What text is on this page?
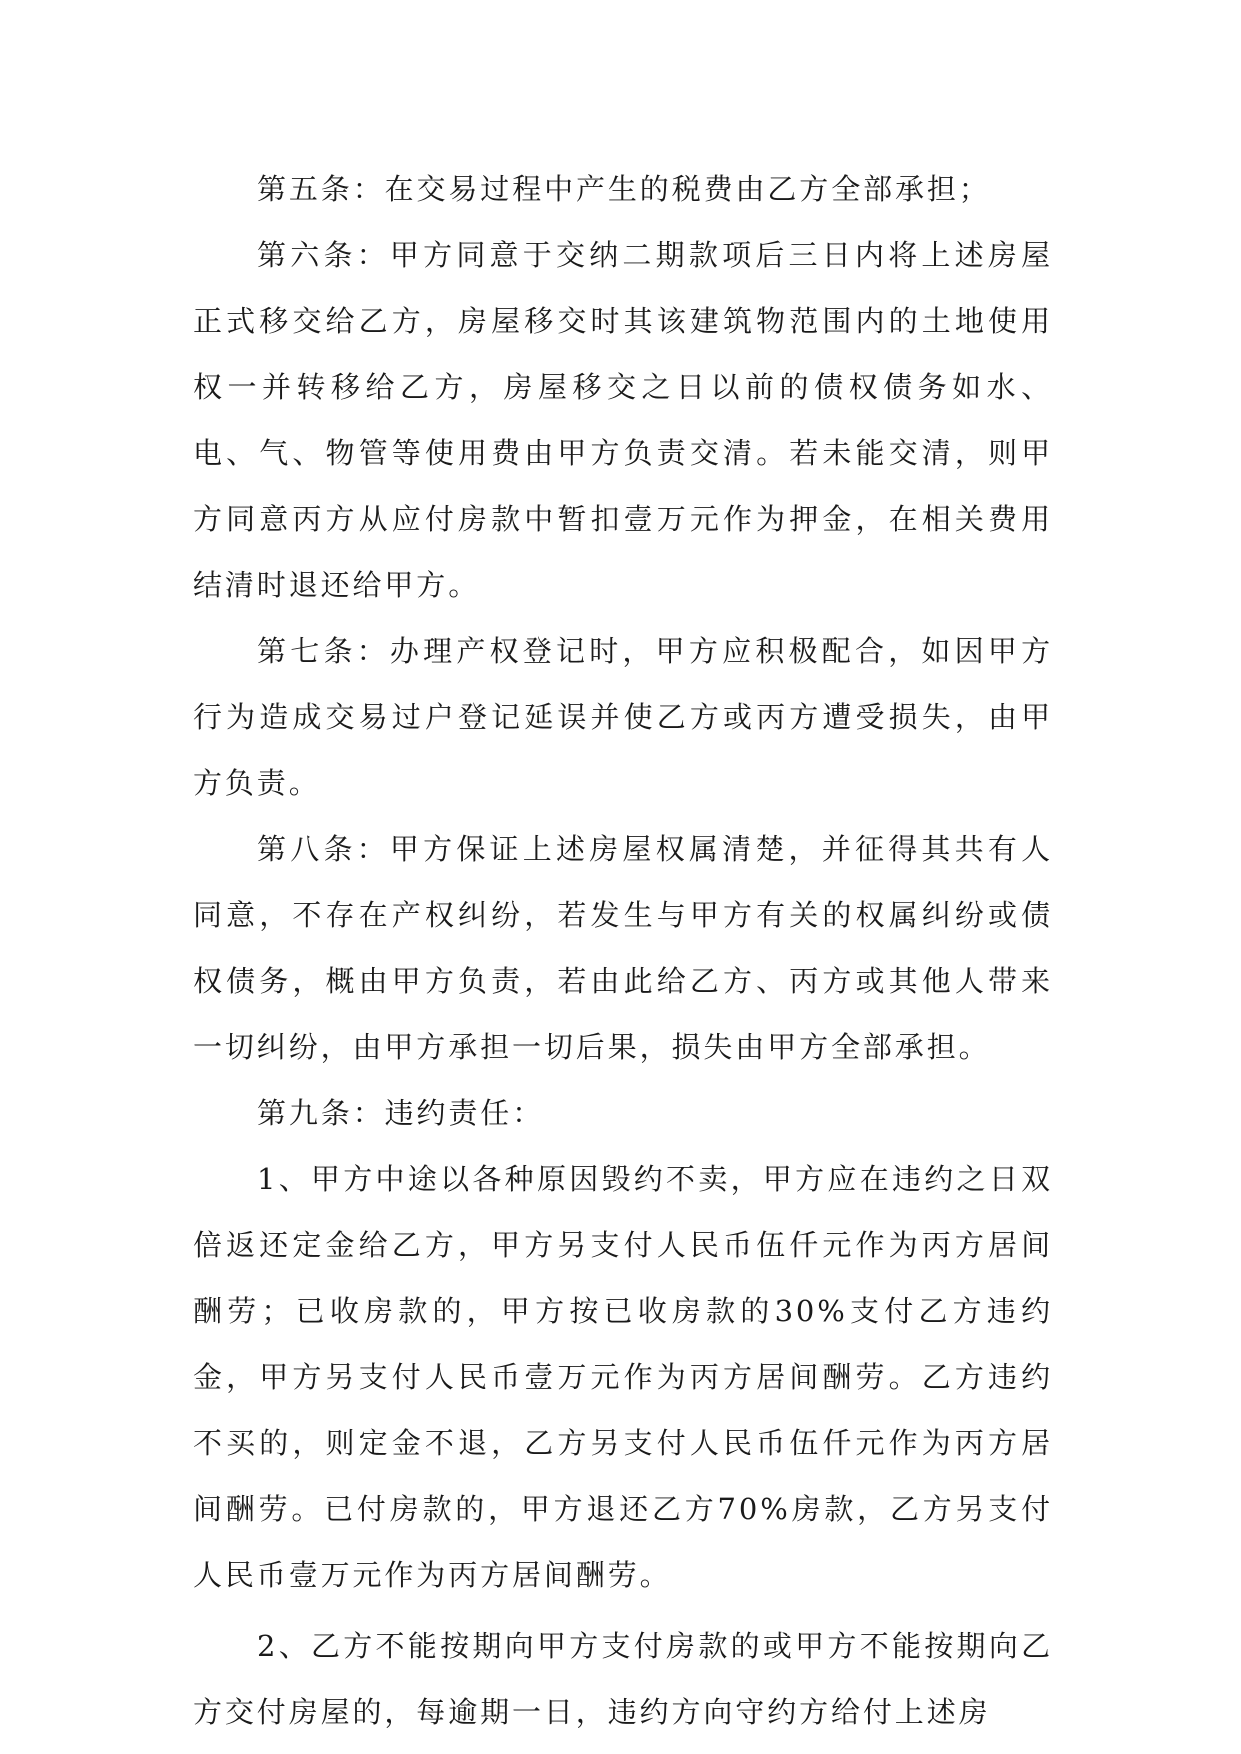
第五条：在交易过程中产生的税费由乙方全部承担；

第六条：甲方同意于交纳二期款项后三日内将上述房屋正式移交给乙方，房屋移交时其该建筑物范围内的土地使用权一并转移给乙方，房屋移交之日以前的债权债务如水、电、气、物管等使用费由甲方负责交清。若未能交清，则甲方同意丙方从应付房款中暂扣壹万元作为押金，在相关费用结清时退还给甲方。

第七条：办理产权登记时，甲方应积极配合，如因甲方行为造成交易过户登记延误并使乙方或丙方遭受损失，由甲方负责。

第八条：甲方保证上述房屋权属清楚，并征得其共有人同意，不存在产权纠纷，若发生与甲方有关的权属纠纷或债权债务，概由甲方负责，若由此给乙方、丙方或其他人带来一切纠纷，由甲方承担一切后果，损失由甲方全部承担。

第九条：违约责任：

1、甲方中途以各种原因毁约不卖，甲方应在违约之日双倍返还定金给乙方，甲方另支付人民币伍仟元作为丙方居间酬劳；已收房款的，甲方按已收房款的30%支付乙方违约金，甲方另支付人民币壹万元作为丙方居间酬劳。乙方违约不买的，则定金不退，乙方另支付人民币伍仟元作为丙方居间酬劳。已付房款的，甲方退还乙方70%房款，乙方另支付人民币壹万元作为丙方居间酬劳。

2、乙方不能按期向甲方支付房款的或甲方不能按期向乙方交付房屋的，每逾期一日，违约方向守约方给付上述房
